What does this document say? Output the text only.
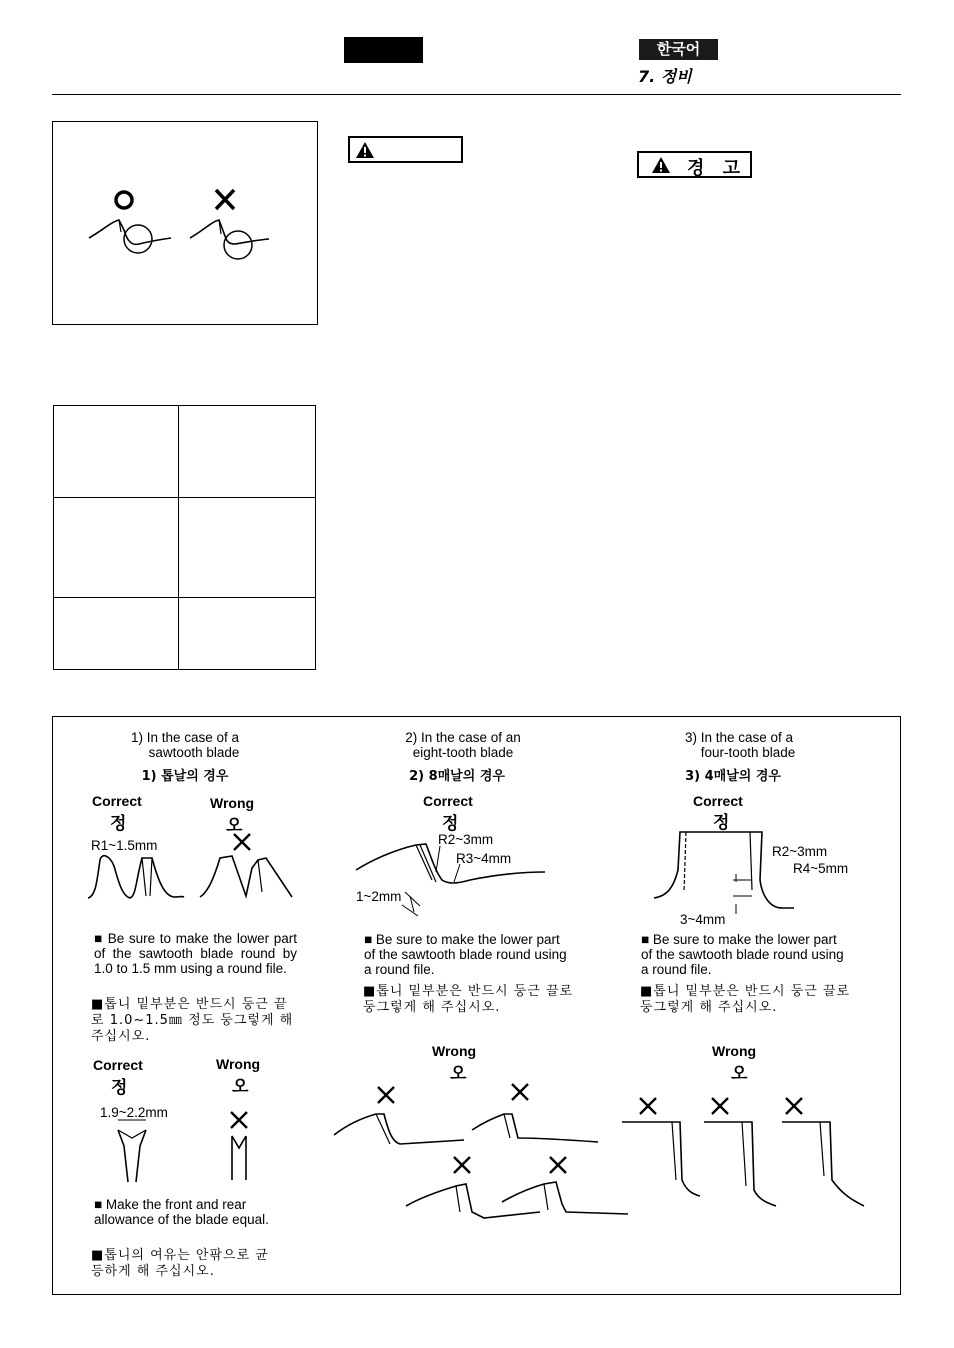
한국어
7. 정비
경 고

1) In the case of a
sawtooth blade
1) 톱날의 경우
Correct
정
Wrong
오
R1~1.5mm
■ Be sure to make the lower part of the sawtooth blade round by 1.0 to 1.5 mm using a round file.
■톱니 밑부분은 반드시 둥근 끝로 1.0~1.5㎜ 정도 둥그렇게 해 주십시오.
Correct
정
Wrong
오
1.9~2.2mm
■ Make the front and rear allowance of the blade equal.
■톱니의 여유는 안팎으로 균등하게 해 주십시오.
2) In the case of an
eight-tooth blade
2) 8매날의 경우
Correct
정
R2~3mm
R3~4mm
1~2mm
■ Be sure to make the lower part of the sawtooth blade round using a round file.
■톱니 밑부분은 반드시 둥근 끌로 둥그렇게 해 주십시오.
Wrong
오
3) In the case of a
four-tooth blade
3) 4매날의 경우
Correct
정
R2~3mm
R4~5mm
3~4mm
■ Be sure to make the lower part of the sawtooth blade round using a round file.
■톱니 밑부분은 반드시 둥근 끌로 둥그렇게 해 주십시오.
Wrong
오
